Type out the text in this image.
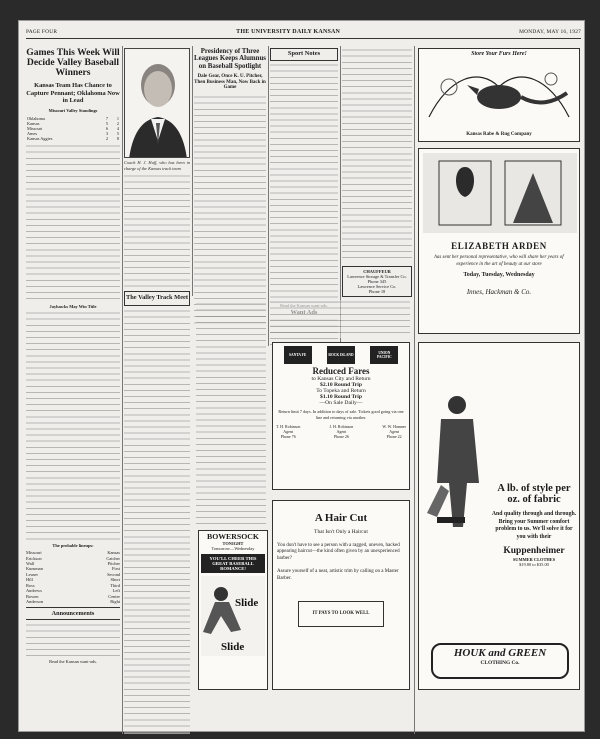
PAGE FOUR	THE UNIVERSITY DAILY KANSAN	MONDAY, MAY 16, 1927
Games This Week Will Decide Valley Baseball Winners
Kansas Team Has Chance to Capture Pennant; Oklahoma Now in Lead
Missouri Valley Standings
Oklahoma	7	1
Kansas	5	2
Missouri	6	4
Ames	3	5
Kansas Aggies	2	8
Jayhawks May Win Title
The probable lineups:
Missouri	Kansas
Erickson	Catcher
Wall	Pitcher
Kunsman	First
Leuser	Second
Hill	Short
Ross	Third
Andrews	Left
Bowen	Center
Anderson	Right
Announcements
Read the Kansan want-ads.
Coach H. J. Huff, who has been in charge of the Kansas track team
The Valley Track Meet
Presidency of Three Leagues Keeps Alumnus on Baseball Spotlight
Dale Gear, Once K. U. Pitcher, Then Business Man, Now Back in Game
Sport Notes
CHAUFFEUR
Lawrence Storage & Transfer Co.
Phone 345
Lawrence Service Co.
Phone 18
Store Your Furs Here!
Kansas Rabe & Rug Company
ELIZABETH ARDEN
has sent her personal representative, who will share her years of experience in the art of beauty at our store
Today, Tuesday, Wednesday
Innes, Hackman & Co.
SANTA FE	ROCK ISLAND	UNION PACIFIC
Reduced Fares
to Kansas City and Return
$2.10 Round Trip
To Topeka and Return
$1.10 Round Trip
—On Sale Daily—
Return limit 7 days. In addition to days of sale. Tickets good going via one line and returning via another.
T. H. Robinson
Agent
Phone 76
J. H. Robinson
Agent
Phone 26
W. W. Hamner
Agent
Phone 22
BOWERSOCK
TONIGHT
Tomorrow—Wednesday
YOU'LL CHEER THIS GREAT BASEBALL ROMANCE!
Slide
Slide
A Hair Cut
That Isn't Only a Haircut
You don't have to see a person with a ragged, uneven, hacked appearing haircut—the kind often given by an unexperienced barber?
Assure yourself of a neat, artistic trim by calling on a Master Barber.
IT PAYS TO LOOK WELL
A lb. of style per oz. of fabric
And quality through and through. Bring your Summer comfort problem to us. We'll solve it for you with their
Kuppenheimer
SUMMER CLOTHES
$19.80 to $35.00
HOUK and GREEN
CLOTHING Co.
